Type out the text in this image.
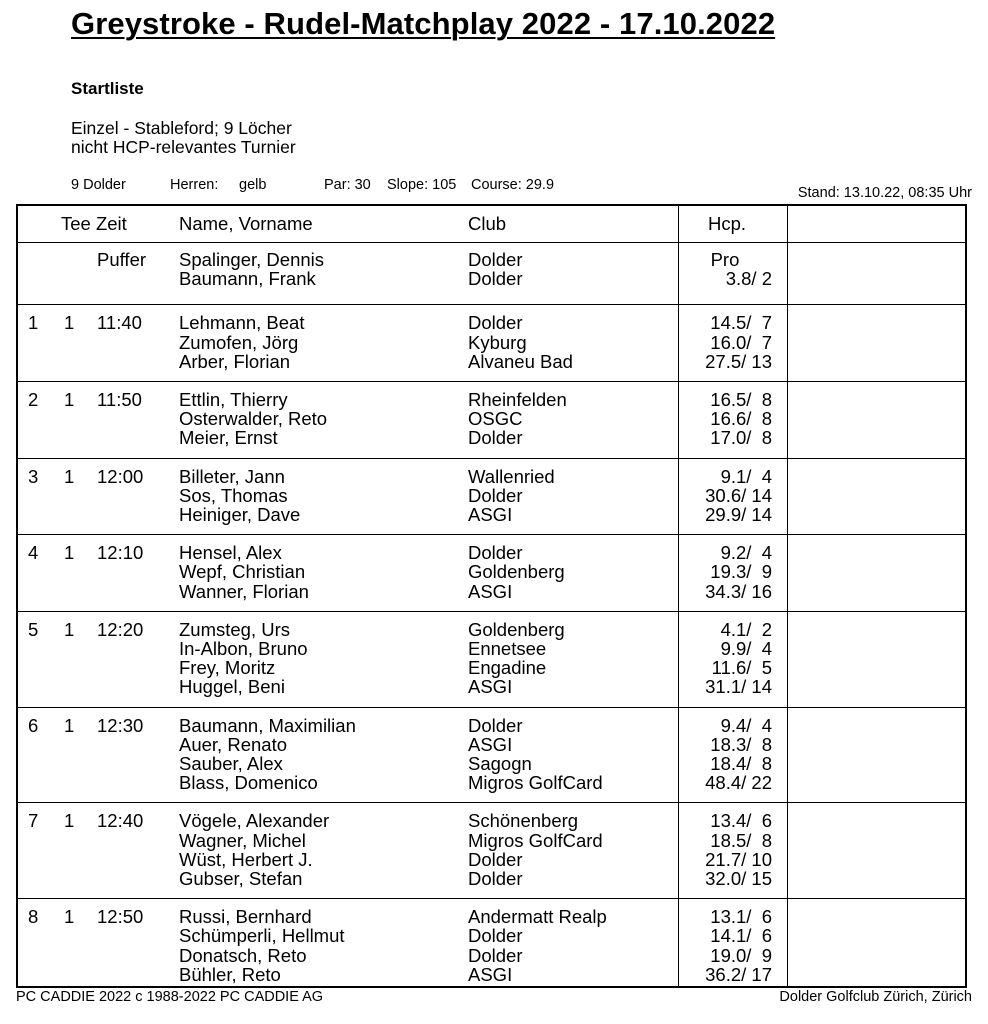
Greystroke - Rudel-Matchplay 2022 - 17.10.2022
Startliste
Einzel - Stableford; 9 Löcher
nicht HCP-relevantes Turnier
9 Dolder	Herren: gelb	Par: 30 Slope: 105 Course: 29.9	Stand: 13.10.22, 08:35 Uhr
Tee Zeit	Name, Vorname	Club	Hcp.
Puffer Spalinger, Dennis	Dolder	Pro
Baumann, Frank	Dolder	3.8/ 2
1 1 11:40 Lehmann, Beat	Dolder	14.5/  7
Zumofen, Jörg	Kyburg	16.0/  7
Arber, Florian	Alvaneu Bad	27.5/ 13
2 1 11:50 Ettlin, Thierry	Rheinfelden	16.5/  8
Osterwalder, Reto	OSGC	16.6/  8
Meier, Ernst	Dolder	17.0/  8
3 1 12:00 Billeter, Jann	Wallenried	9.1/  4
Sos, Thomas	Dolder	30.6/ 14
Heiniger, Dave	ASGI	29.9/ 14
4 1 12:10 Hensel, Alex	Dolder	9.2/  4
Wepf, Christian	Goldenberg	19.3/  9
Wanner, Florian	ASGI	34.3/ 16
5 1 12:20 Zumsteg, Urs	Goldenberg	4.1/  2
In-Albon, Bruno	Ennetsee	9.9/  4
Frey, Moritz	Engadine	11.6/  5
Huggel, Beni	ASGI	31.1/ 14
6 1 12:30 Baumann, Maximilian	Dolder	9.4/  4
Auer, Renato	ASGI	18.3/  8
Sauber, Alex	Sagogn	18.4/  8
Blass, Domenico	Migros GolfCard	48.4/ 22
7 1 12:40 Vögele, Alexander	Schönenberg	13.4/  6
Wagner, Michel	Migros GolfCard	18.5/  8
Wüst, Herbert J.	Dolder	21.7/ 10
Gubser, Stefan	Dolder	32.0/ 15
8 1 12:50 Russi, Bernhard	Andermatt Realp	13.1/  6
Schümperli, Hellmut	Dolder	14.1/  6
Donatsch, Reto	Dolder	19.0/  9
Bühler, Reto	ASGI	36.2/ 17
PC CADDIE 2022 c 1988-2022 PC CADDIE AG	Dolder Golfclub Zürich, Zürich
